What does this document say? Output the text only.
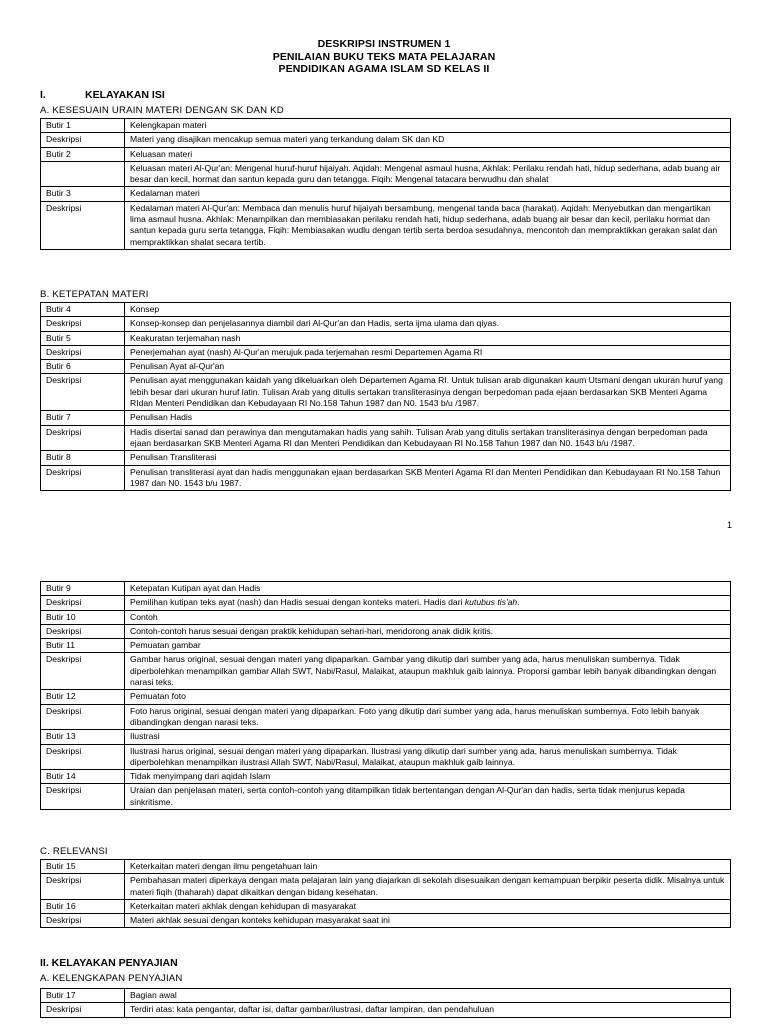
DESKRIPSI INSTRUMEN 1
PENILAIAN BUKU TEKS MATA PELAJARAN
PENDIDIKAN AGAMA ISLAM SD KELAS II
I.	KELAYAKAN ISI
A. KESESUAIN URAIN MATERI DENGAN SK DAN KD
Butir 1	Kelengkapan materi
Deskripsi	Materi yang disajikan mencakup semua materi yang terkandung dalam SK dan KD
Butir 2	Keluasan materi
	Keluasan materi Al-Qur'an: Mengenal huruf-huruf hijaiyah. Aqidah: Mengenal asmaul husna, Akhlak: Perilaku rendah hati, hidup sederhana, adab buang air besar dan kecil, hormat dan santun kepada guru dan tetangga. Fiqih: Mengenal tatacara berwudhu dan shalat
Butir 3	Kedalaman materi
Deskripsi	Kedalaman materi Al-Qur'an: Membaca dan menulis huruf hijaiyah bersambung, mengenal tanda baca (harakat). Aqidah: Menyebutkan dan mengartikan lima asmaul husna. Akhlak: Menampilkan dan membiasakan perilaku rendah hati, hidup sederhana, adab buang air besar dan kecil, perilaku hormat dan santun kepada guru serta tetangga, Fiqih: Membiasakan wudlu dengan tertib serta berdoa sesudahnya, mencontoh dan mempraktikkan gerakan salat dan mempraktikkan shalat secara tertib.
B. KETEPATAN MATERI
Butir 4	Konsep
Deskripsi	Konsep-konsep dan penjelasannya diambil dari Al-Qur'an dan Hadis, serta ijma ulama dan qiyas.
Butir 5	Keakuratan terjemahan nash
Deskripsi	Penerjemahan ayat (nash) Al-Qur'an merujuk pada terjemahan resmi Departemen Agama RI
Butir 6	Penulisan Ayat al-Qur'an
Deskripsi	Penulisan ayat menggunakan kaidah yang dikeluarkan oleh Departemen Agama RI. Untuk tulisan arab digunakan kaum Utsmani dengan ukuran huruf yang lebih besar dari ukuran huruf latin. Tulisan Arab yang ditulis sertakan transliterasinya dengan berpedoman pada ejaan berdasarkan SKB Menteri Agama RIdan Menteri Pendidikan dan Kebudayaan RI No.158 Tahun 1987 dan N0. 1543 b/u /1987.
Butir 7	Penulisan Hadis
Deskripsi	Hadis disertai sanad dan perawinya dan mengutamakan hadis yang sahih. Tulisan Arab yang ditulis sertakan transliterasinya dengan berpedoman pada ejaan berdasarkan SKB Menteri Agama RI dan Menteri Pendidikan dan Kebudayaan RI No.158 Tahun 1987 dan N0. 1543 b/u /1987.
Butir 8	Penulisan Transliterasi
Deskripsi	Penulisan transliterasi ayat dan hadis menggunakan ejaan berdasarkan SKB Menteri Agama RI dan Menteri Pendidikan dan Kebudayaan RI No.158 Tahun 1987 dan N0. 1543 b/u 1987.
1
Butir 9	Ketepatan Kutipan ayat dan Hadis
Deskripsi	Pemilihan kutipan teks ayat (nash) dan Hadis sesuai dengan konteks materi. Hadis dari kutubus tis'ah.
Butir 10	Contoh
Deskripsi	Contoh-contoh harus sesuai dengan praktik kehidupan sehari-hari, mendorong anak didik kritis.
Butir 11	Pemuatan gambar
Deskripsi	Gambar harus original, sesuai dengan materi yang dipaparkan. Gambar yang dikutip dari sumber yang ada, harus menuliskan sumbernya. Tidak diperbolehkan menampilkan gambar Allah SWT, Nabi/Rasul, Malaikat, ataupun makhluk gaib lainnya. Proporsi gambar lebih banyak dibandingkan dengan narasi teks.
Butir 12	Pemuatan foto
Deskripsi	Foto harus original, sesuai dengan materi yang dipaparkan. Foto yang dikutip dari sumber yang ada, harus menuliskan sumbernya. Foto lebih banyak dibandingkan dengan narasi teks.
Butir 13	Ilustrasi
Deskripsi	Ilustrasi harus original, sesuai dengan materi yang dipaparkan. Ilustrasi yang dikutip dari sumber yang ada, harus menuliskan sumbernya. Tidak diperbolehkan menampilkan ilustrasi Allah SWT, Nabi/Rasul, Malaikat, ataupun makhluk gaib lainnya.
Butir 14	Tidak menyimpang dari aqidah Islam
Deskripsi	Uraian dan penjelasan materi, serta contoh-contoh yang ditampilkan tidak bertentangan dengan Al-Qur'an dan hadis, serta tidak menjurus kepada sinkritisme.
C. RELEVANSI
Butir 15	Keterkaitan materi dengan ilmu pengetahuan lain
Deskripsi	Pembahasan materi diperkaya dengan mata pelajaran lain yang diajarkan di sekolah disesuaikan dengan kemampuan berpikir peserta didik. Misalnya untuk materi fiqih (thaharah) dapat dikaitkan dengan bidang kesehatan.
Butir 16	Keterkaitan materi akhlak dengan kehidupan di masyarakat
Deskripsi	Materi akhlak sesuai dengan konteks kehidupan masyarakat saat ini
II. KELAYAKAN PENYAJIAN
A. KELENGKAPAN PENYAJIAN
Butir 17	Bagian awal
Deskripsi	Terdiri atas: kata pengantar, daftar isi, daftar gambar/ilustrasi, daftar lampiran, dan pendahuluan
